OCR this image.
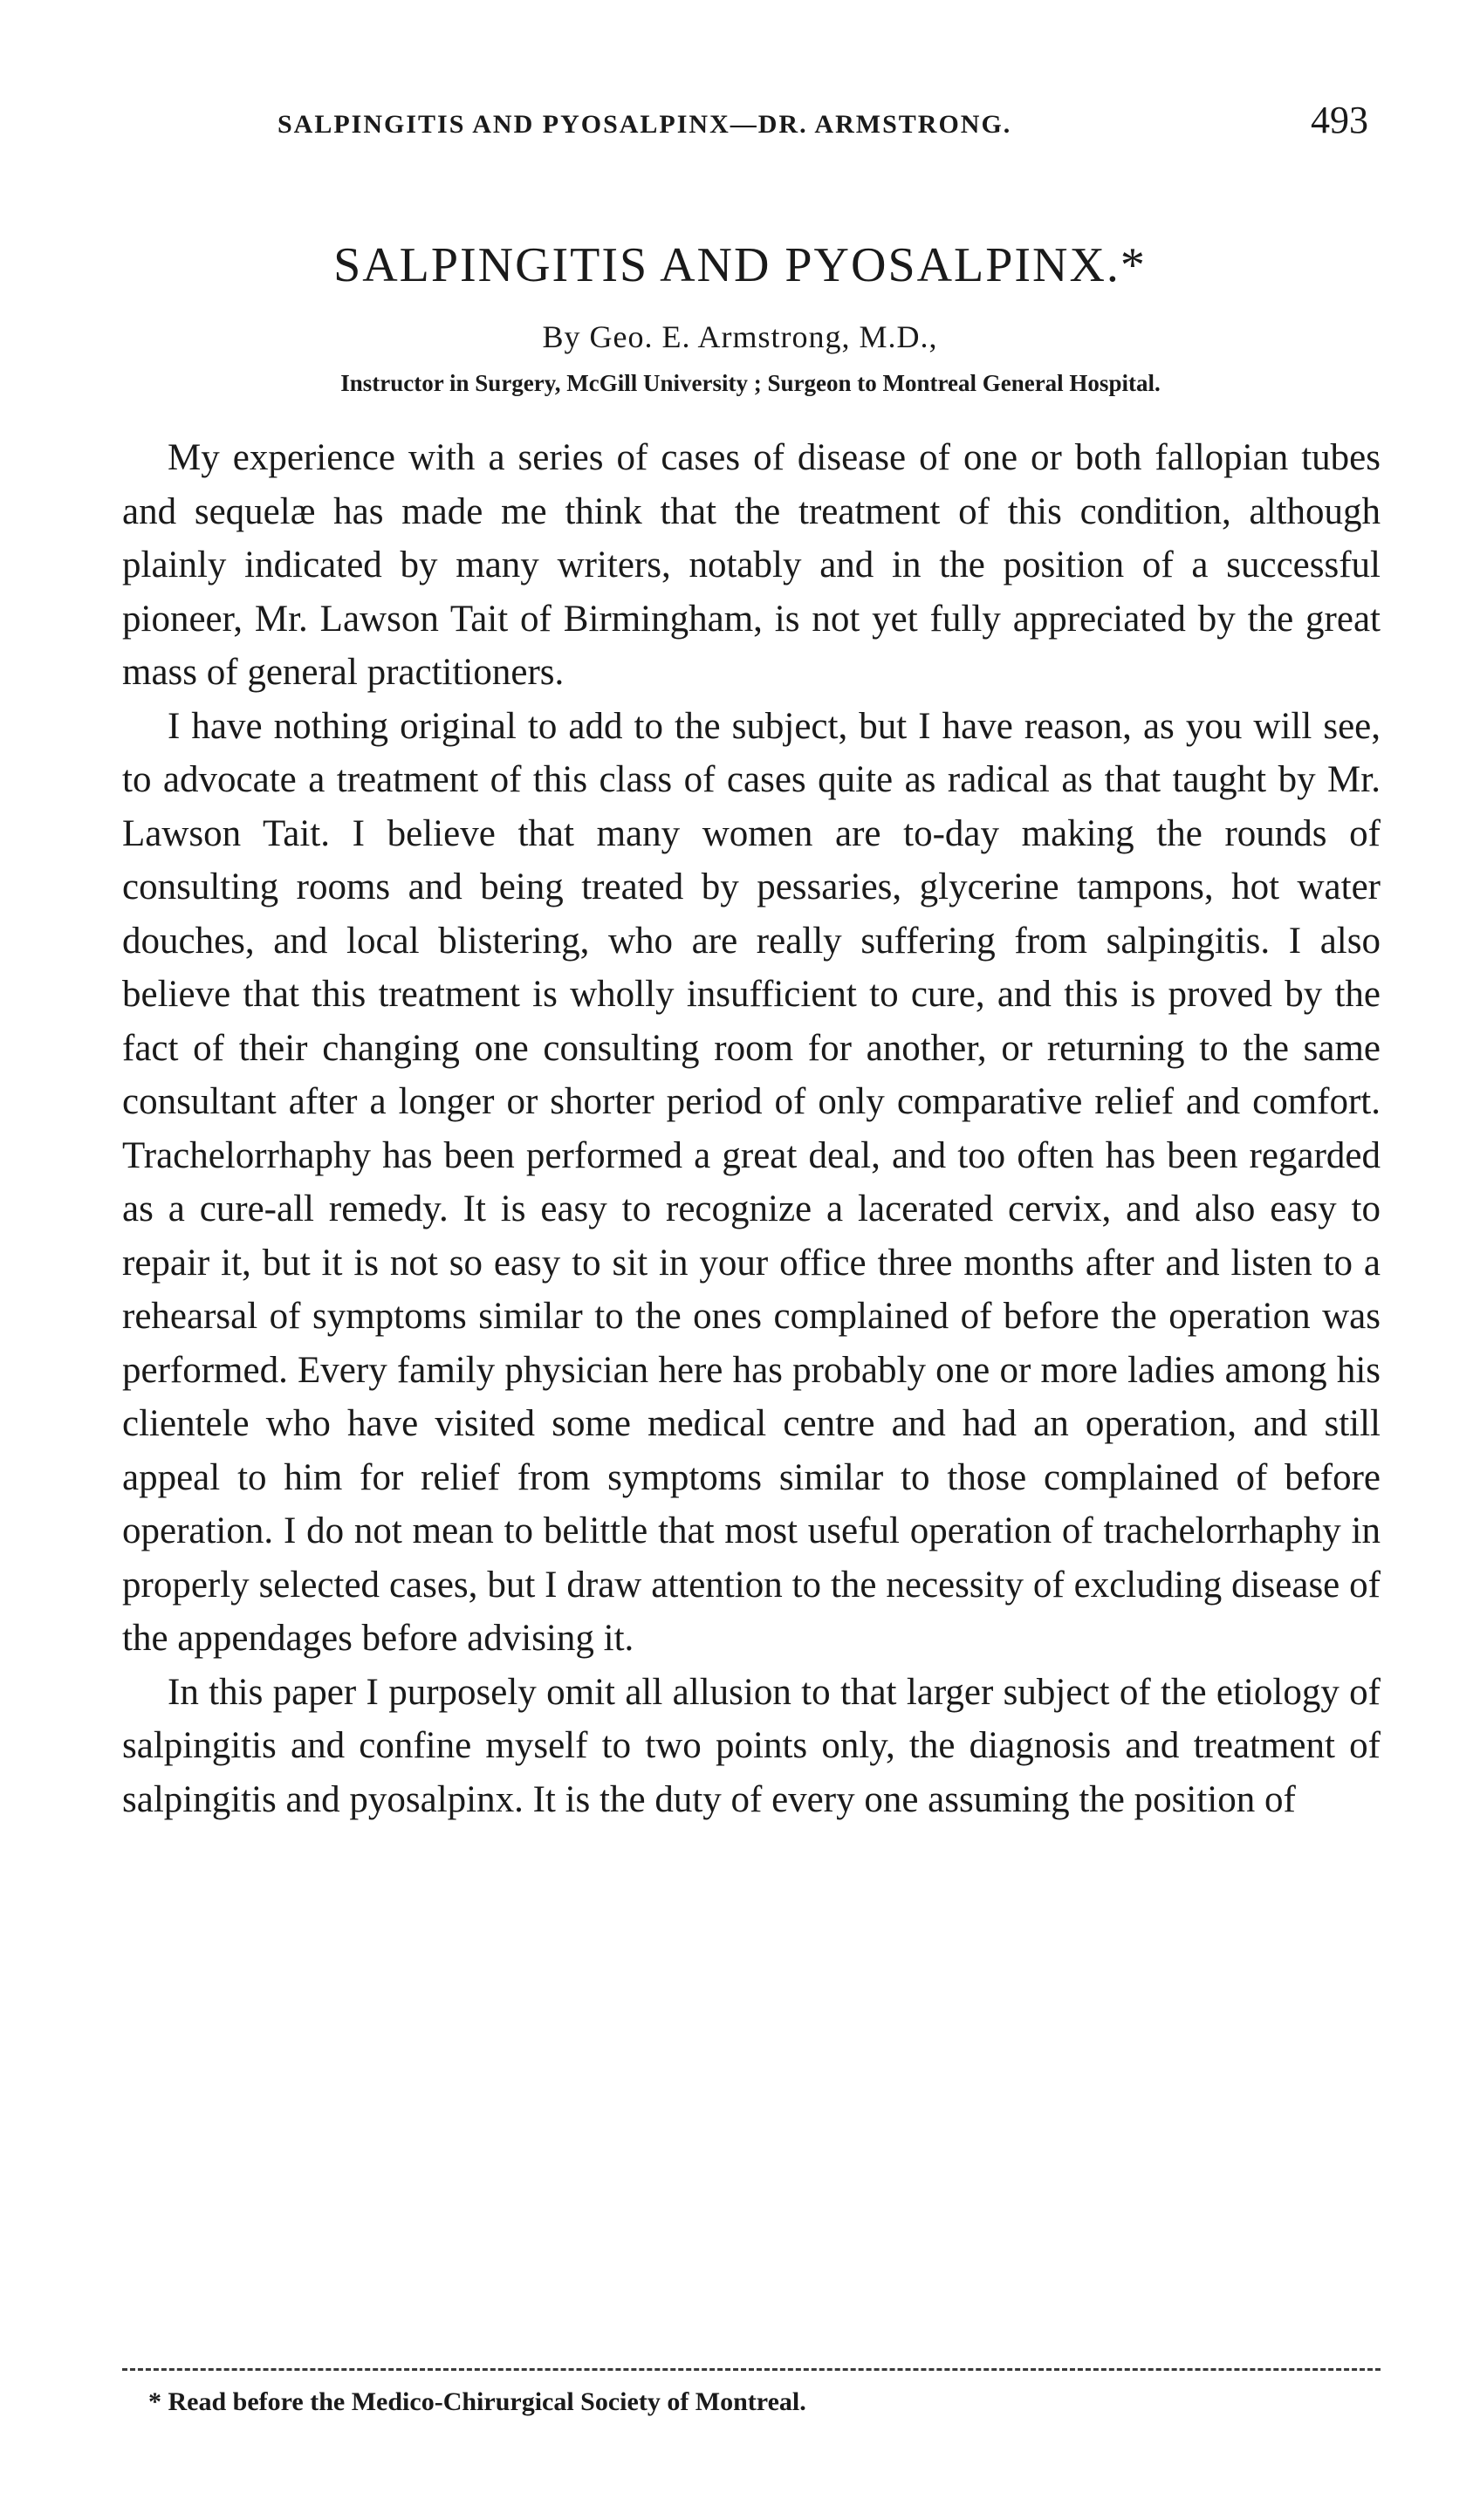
SALPINGITIS AND PYOSALPINX—DR. ARMSTRONG.	493
SALPINGITIS AND PYOSALPINX.*
By Geo. E. Armstrong, M.D.,
Instructor in Surgery, McGill University ; Surgeon to Montreal General Hospital.

My experience with a series of cases of disease of one or both fallopian tubes and sequelæ has made me think that the treatment of this condition, although plainly indicated by many writers, notably and in the position of a successful pioneer, Mr. Lawson Tait of Birmingham, is not yet fully appreciated by the great mass of general practitioners.

I have nothing original to add to the subject, but I have reason, as you will see, to advocate a treatment of this class of cases quite as radical as that taught by Mr. Lawson Tait. I believe that many women are to-day making the rounds of consulting rooms and being treated by pessaries, glycerine tampons, hot water douches, and local blistering, who are really suffering from salpingitis. I also believe that this treatment is wholly insufficient to cure, and this is proved by the fact of their changing one consulting room for another, or returning to the same consultant after a longer or shorter period of only comparative relief and comfort. Trachelorrhaphy has been performed a great deal, and too often has been regarded as a cure-all remedy. It is easy to recognize a lacerated cervix, and also easy to repair it, but it is not so easy to sit in your office three months after and listen to a rehearsal of symptoms similar to the ones complained of before the operation was performed. Every family physician here has probably one or more ladies among his clientele who have visited some medical centre and had an operation, and still appeal to him for relief from symptoms similar to those complained of before operation. I do not mean to belittle that most useful operation of trachelorrhaphy in properly selected cases, but I draw attention to the necessity of excluding disease of the appendages before advising it.

In this paper I purposely omit all allusion to that larger subject of the etiology of salpingitis and confine myself to two points only, the diagnosis and treatment of salpingitis and pyosalpinx. It is the duty of every one assuming the position of

* Read before the Medico-Chirurgical Society of Montreal.
